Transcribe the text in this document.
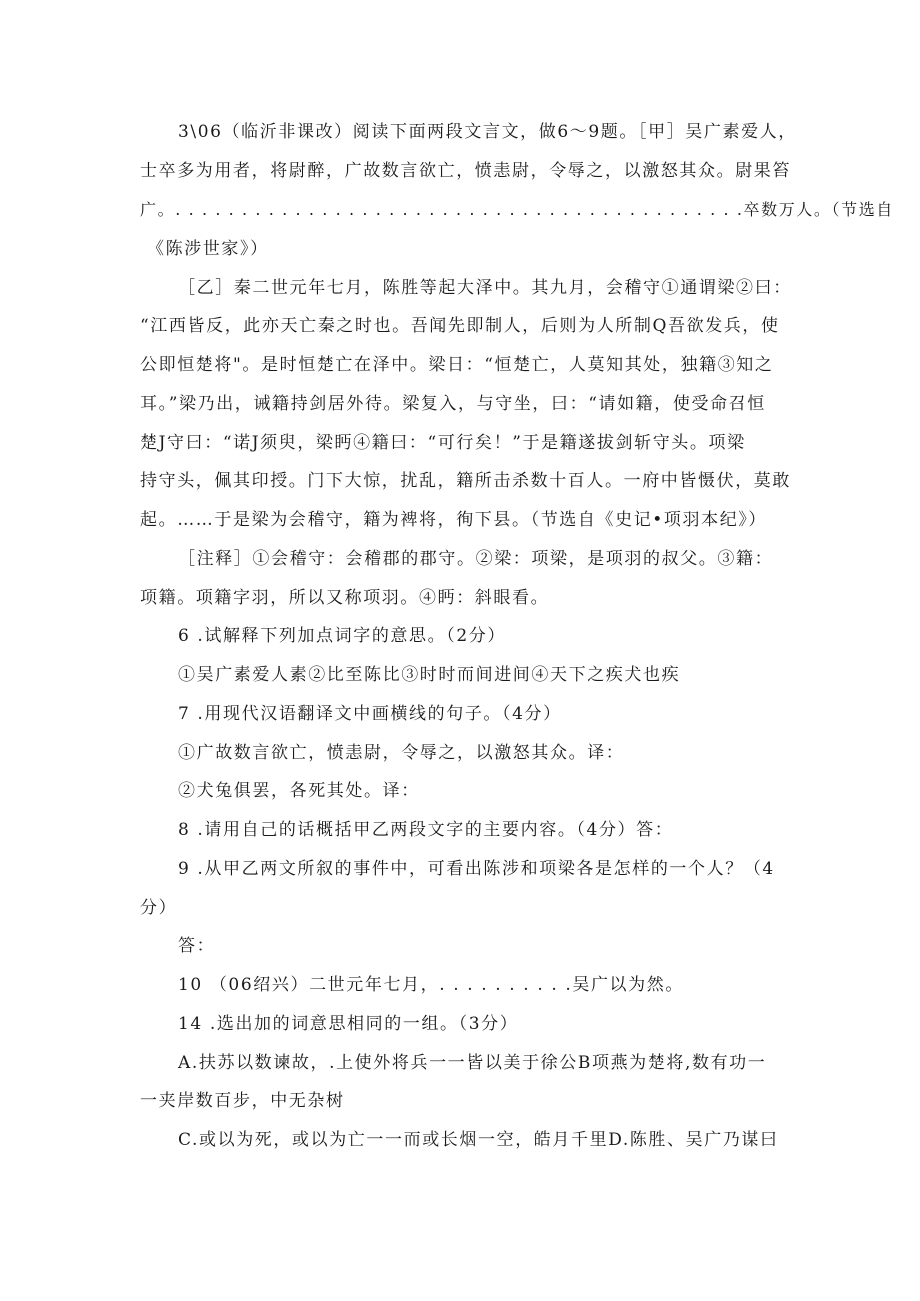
3\06（临沂非课改）阅读下面两段文言文，做6～9题。［甲］吴广素爱人，
士卒多为用者，将尉醉，广故数言欲亡，愤恚尉，令辱之，以激怒其众。尉果笞
广。. . . . . . . . . . . . . . . . . . . . . . . . . . . . . . . . . . . . . . . . . . .卒数万人。（节选自
《陈涉世家》）
［乙］秦二世元年七月，陈胜等起大泽中。其九月，会稽守①通谓梁②曰：
“江西皆反，此亦天亡秦之时也。吾闻先即制人，后则为人所制Q吾欲发兵，使
公即恒楚将"。是时恒楚亡在泽中。梁日：“恒楚亡，人莫知其处，独籍③知之
耳。”梁乃出，诫籍持剑居外待。梁复入，与守坐，曰：“请如籍，使受命召恒
楚J守曰：“诺J须臾，梁眄④籍曰：“可行矣！”于是籍遂拔剑斩守头。项梁
持守头，佩其印授。门下大惊，扰乱，籍所击杀数十百人。一府中皆慑伏，莫敢
起。……于是梁为会稽守，籍为裨将，徇下县。（节选自《史记•项羽本纪》）
［注释］①会稽守：会稽郡的郡守。②梁：项梁，是项羽的叔父。③籍：
项籍。项籍字羽，所以又称项羽。④眄：斜眼看。
6 .试解释下列加点词字的意思。（2分）
①吴广素爱人素②比至陈比③时时而间进间④天下之疾犬也疾
7 .用现代汉语翻译文中画横线的句子。（4分）
①广故数言欲亡，愤恚尉，令辱之，以激怒其众。译：
②犬兔俱罢，各死其处。译：
8 .请用自己的话概括甲乙两段文字的主要内容。（4分）答：
9 .从甲乙两文所叙的事件中，可看出陈涉和项梁各是怎样的一个人？（4
分）
答：
10 （06绍兴）二世元年七月，. . . . . . . . . .吴广以为然。
14 .选出加的词意思相同的一组。（3分）
A.扶苏以数谏故，.上使外将兵一一皆以美于徐公B项燕为楚将,数有功一
一夹岸数百步，中无杂树
C.或以为死，或以为亡一一而或长烟一空，皓月千里D.陈胜、吴广乃谋曰
